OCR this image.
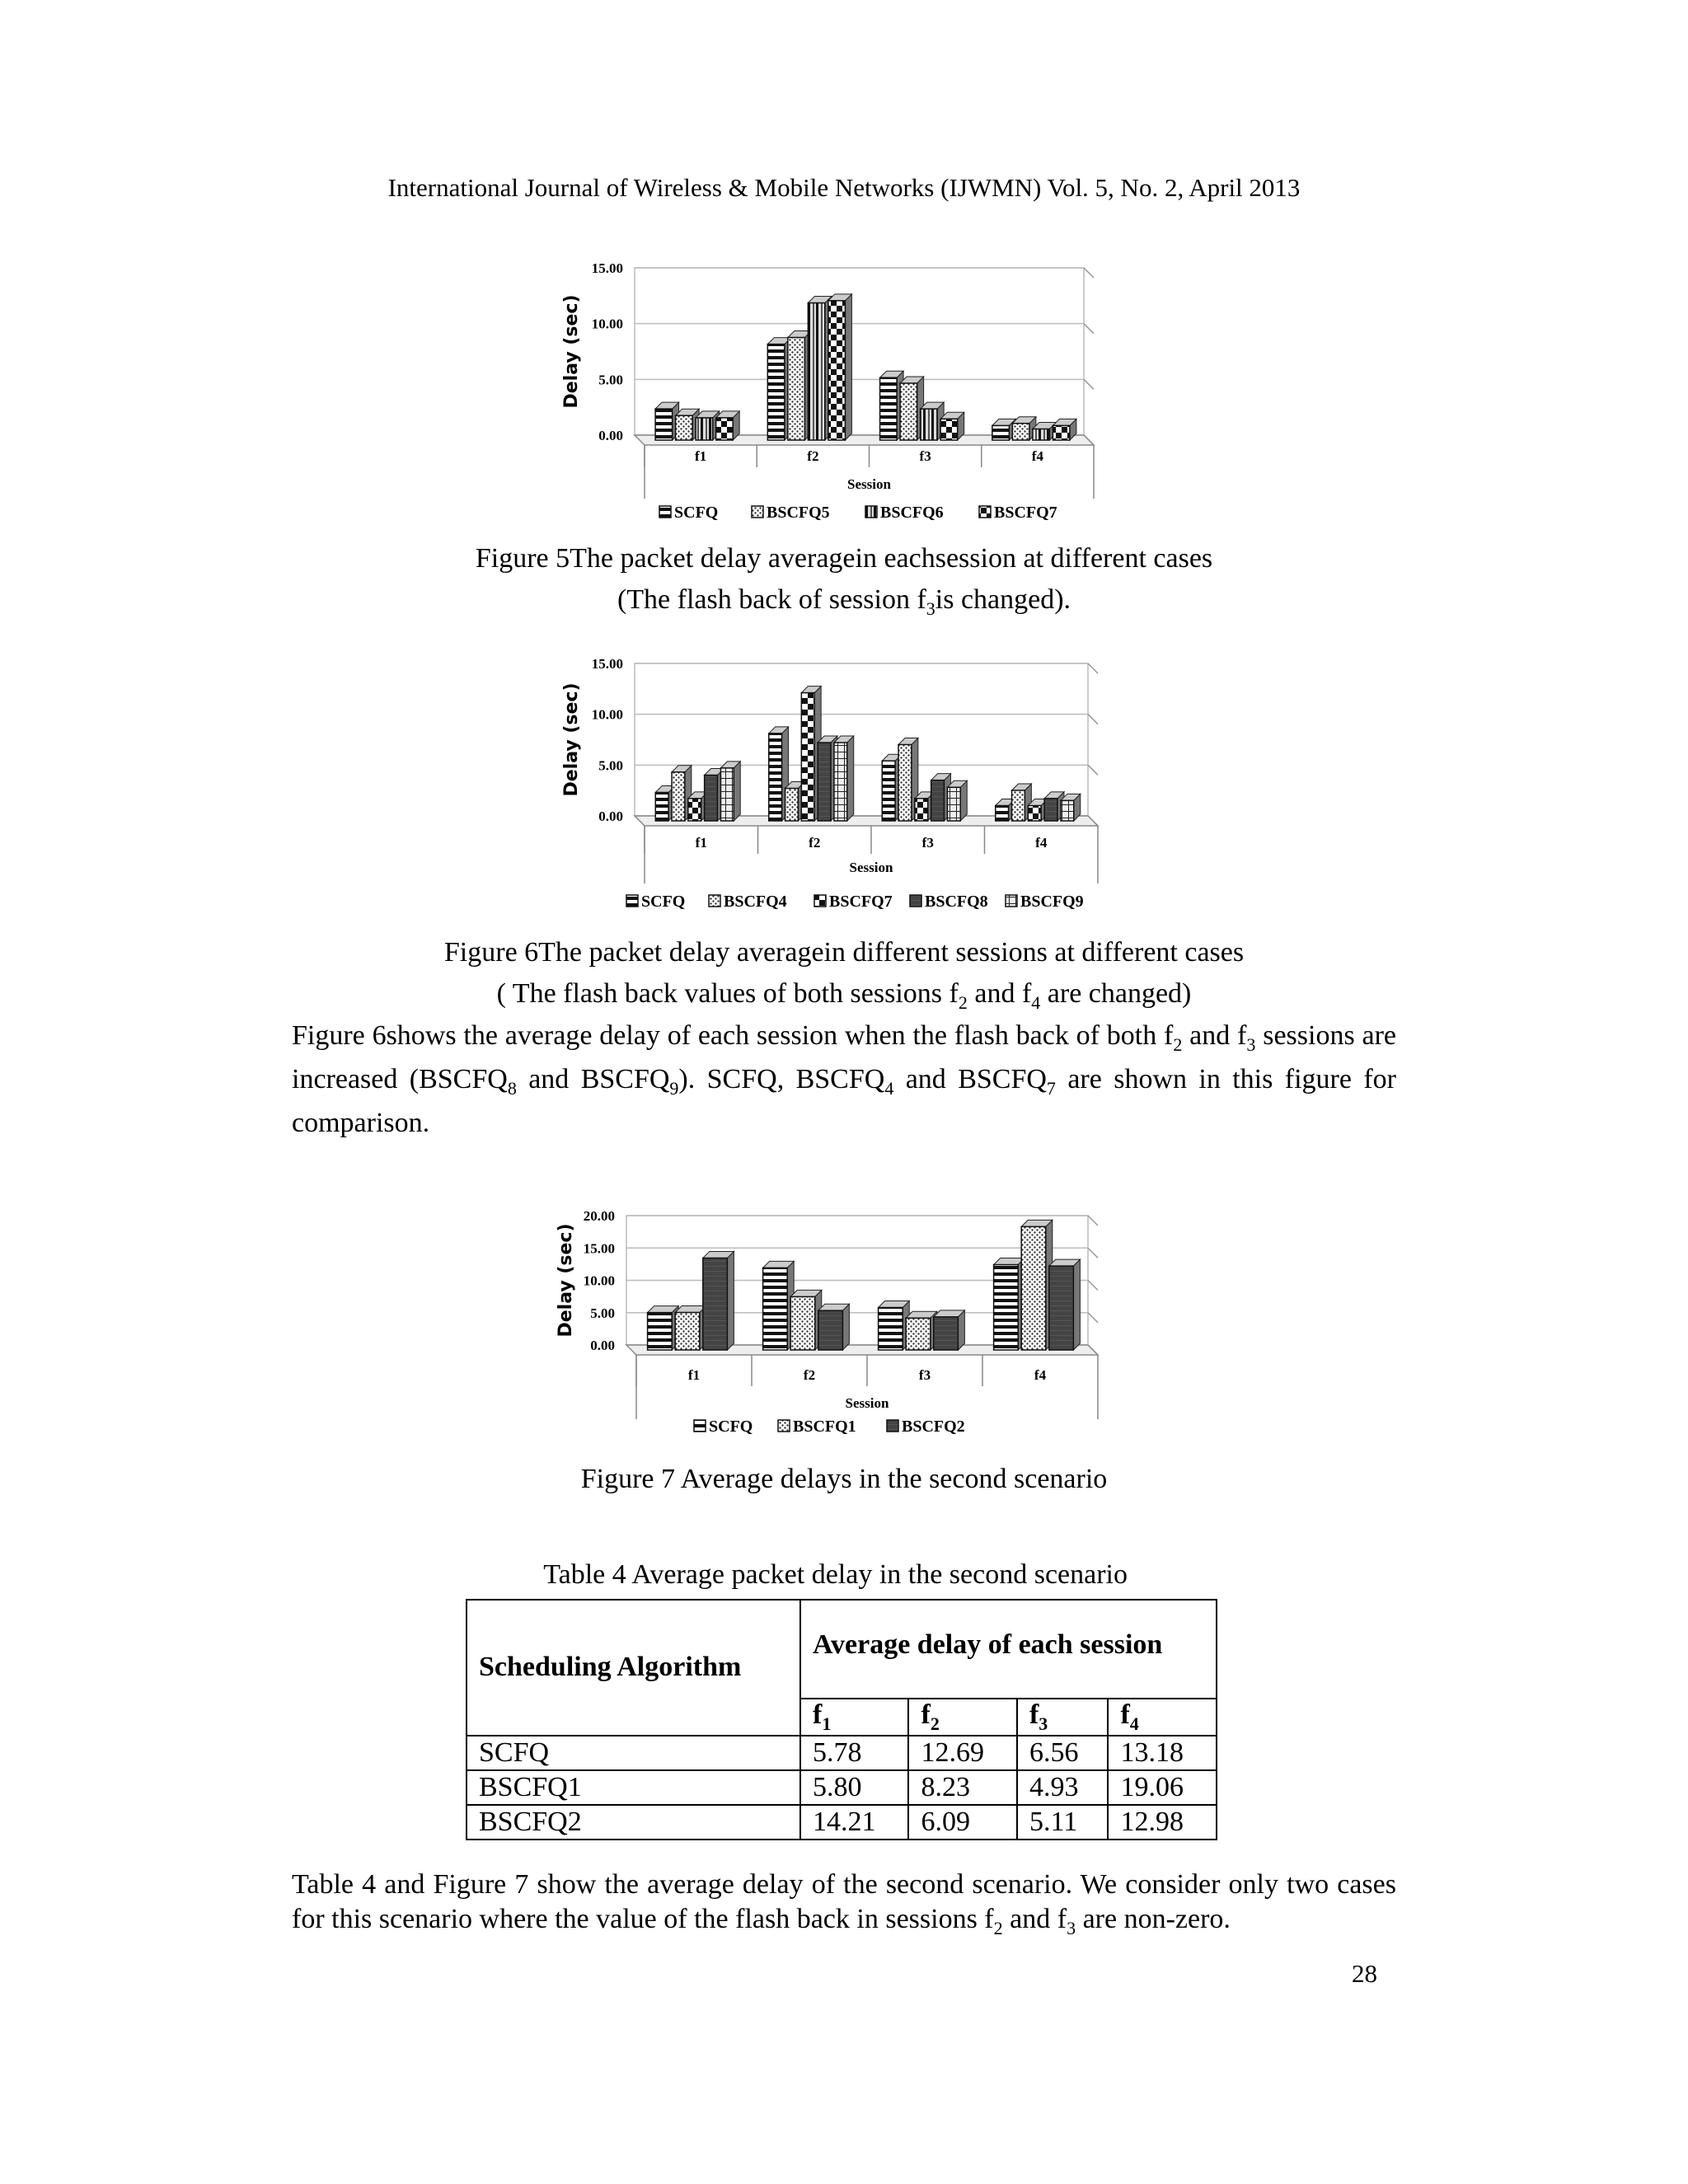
International Journal of Wireless & Mobile Networks (IJWMN) Vol. 5, No. 2, April 2013
0.00
5.00
10.00
15.00
Delay (sec)
f1	f2	f3	f4
Session
SCFQ	BSCFQ5	BSCFQ6	BSCFQ7
Figure 5The packet delay averagein eachsession at different cases
(The flash back of session $f_3is$ changed).
0.00
5.00
10.00
15.00
Delay (sec)
f1	f2	f3	f4
Session
SCFQ BSCFQ4	BSCFQ7 BSCFQ8 BSCFQ9
Figure 6The packet delay averagein different sessions at different cases
( The flash back values of both sessions $f_2$ and $f_4$ are changed)
Figure 6shows the average delay of each session when the flash back of both $f_2$ and $f_3$ sessions are increased ($BSCFQ_8$ and $BSCFQ_9$). SCFQ, $BSCFQ_4$ and $BSCFQ_7$ are shown in this figure for comparison.
0.00
5.00
10.00
15.00
20.00
Delay (sec)
f1	f2	f3	f4
Session
SCFQ BSCFQ1	BSCFQ2
Figure 7 Average delays in the second scenario
Table 4 Average packet delay in the second scenario
Scheduling Algorithm	Average delay of each session			
	$f_1$	$f_2$	$f_3$	$f_4$
SCFQ	5.78	12.69	6.56	13.18
BSCFQ1	5.80	8.23	4.93	19.06
BSCFQ2	14.21	6.09	5.11	12.98
Table 4 and Figure 7 show the average delay of the second scenario. We consider only two cases for this scenario where the value of the flash back in sessions $f_2$ and $f_3$ are non-zero.
28
